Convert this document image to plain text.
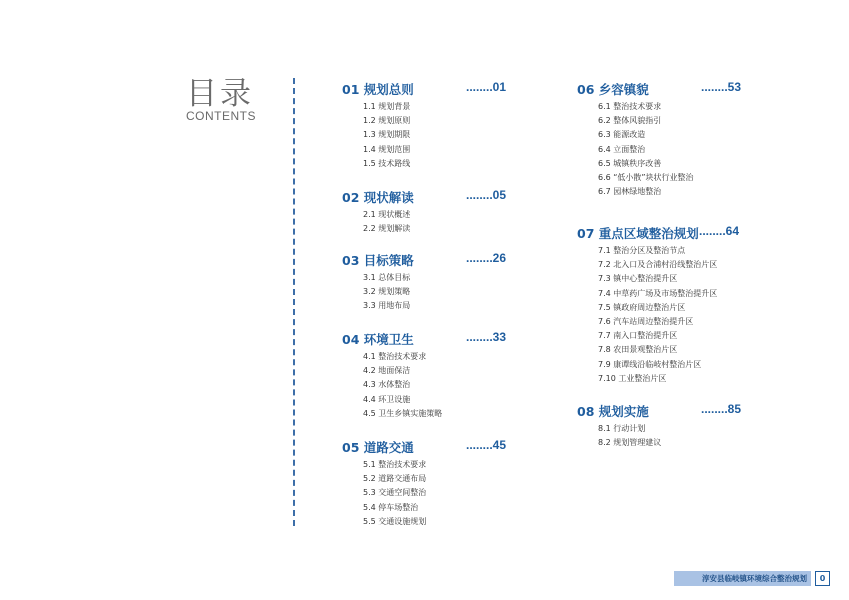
目录
CONTENTS
01 规划总则	........01
1.1 规划背景
1.2 规划原则
1.3 规划期限
1.4 规划范围
1.5 技术路线
02 现状解读	........05
2.1 现状概述
2.2 规划解读
03 目标策略	........26
3.1 总体目标
3.2 规划策略
3.3 用地布局
04 环境卫生	........33
4.1 整治技术要求
4.2 地面保洁
4.3 水体整治
4.4 环卫设施
4.5 卫生乡镇实施策略
05 道路交通	........45
5.1 整治技术要求
5.2 道路交通布局
5.3 交通空间整治
5.4 停车场整治
5.5 交通设施规划
06 乡容镇貌	........53
6.1 整治技术要求
6.2 整体风貌指引
6.3 能源改造
6.4 立面整治
6.5 城镇秩序改善
6.6 “低小散”块状行业整治
6.7 园林绿地整治
07 重点区域整治规划 ........64
7.1 整治分区及整治节点
7.2 北入口及合浦村沿线整治片区
7.3 镇中心整治提升区
7.4 中草药广场及市场整治提升区
7.5 镇政府周边整治片区
7.6 汽车站周边整治提升区
7.7 南入口整治提升区
7.8 农田景观整治片区
7.9 康谭线沿临岐村整治片区
7.10 工业整治片区
08 规划实施	........85
8.1 行动计划
8.2 规划管理建议
淳安县临岐镇环境综合整治规划	0
